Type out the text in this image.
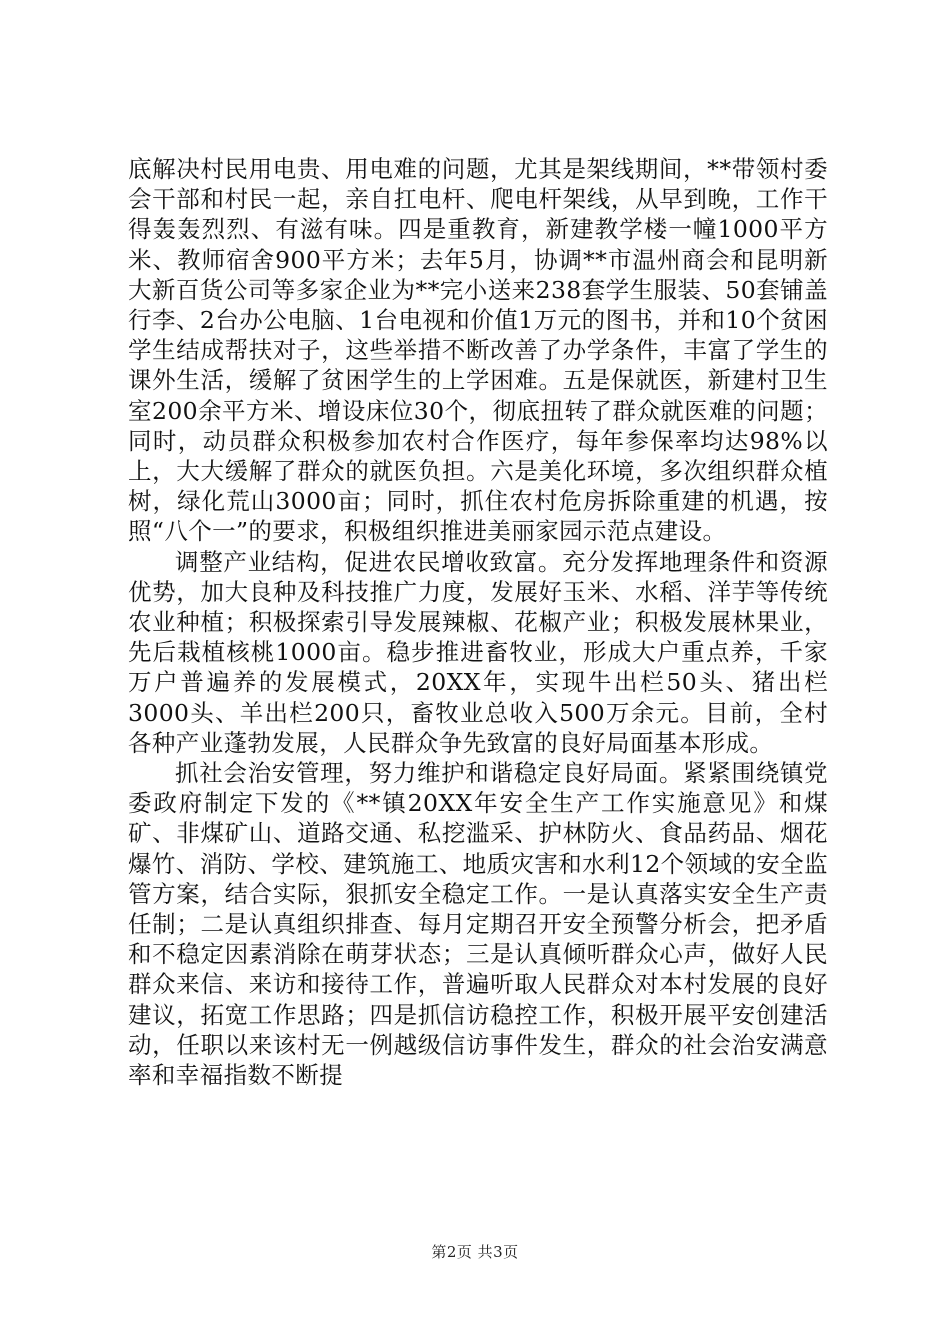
底解决村民用电贵、用电难的问题，尤其是架线期间，**带领村委会干部和村民一起，亲自扛电杆、爬电杆架线，从早到晚，工作干得轰轰烈烈、有滋有味。四是重教育，新建教学楼一幢1000平方米、教师宿舍900平方米；去年5月，协调**市温州商会和昆明新大新百货公司等多家企业为**完小送来238套学生服装、50套铺盖行李、2台办公电脑、1台电视和价值1万元的图书，并和10个贫困学生结成帮扶对子，这些举措不断改善了办学条件，丰富了学生的课外生活，缓解了贫困学生的上学困难。五是保就医，新建村卫生室200余平方米、增设床位30个，彻底扭转了群众就医难的问题；同时，动员群众积极参加农村合作医疗，每年参保率均达98%以上，大大缓解了群众的就医负担。六是美化环境，多次组织群众植树，绿化荒山3000亩；同时，抓住农村危房拆除重建的机遇，按照“八个一”的要求，积极组织推进美丽家园示范点建设。

调整产业结构，促进农民增收致富。充分发挥地理条件和资源优势，加大良种及科技推广力度，发展好玉米、水稻、洋芋等传统农业种植；积极探索引导发展辣椒、花椒产业；积极发展林果业，先后栽植核桃1000亩。稳步推进畜牧业，形成大户重点养，千家万户普遍养的发展模式，20XX年，实现牛出栏50头、猪出栏3000头、羊出栏200只，畜牧业总收入500万余元。目前，全村各种产业蓬勃发展，人民群众争先致富的良好局面基本形成。

抓社会治安管理，努力维护和谐稳定良好局面。紧紧围绕镇党委政府制定下发的《**镇20XX年安全生产工作实施意见》和煤矿、非煤矿山、道路交通、私挖滥采、护林防火、食品药品、烟花爆竹、消防、学校、建筑施工、地质灾害和水利12个领域的安全监管方案，结合实际，狠抓安全稳定工作。一是认真落实安全生产责任制；二是认真组织排查、每月定期召开安全预警分析会，把矛盾和不稳定因素消除在萌芽状态；三是认真倾听群众心声，做好人民群众来信、来访和接待工作，普遍听取人民群众对本村发展的良好建议，拓宽工作思路；四是抓信访稳控工作，积极开展平安创建活动，任职以来该村无一例越级信访事件发生，群众的社会治安满意率和幸福指数不断提

第2页 共3页
